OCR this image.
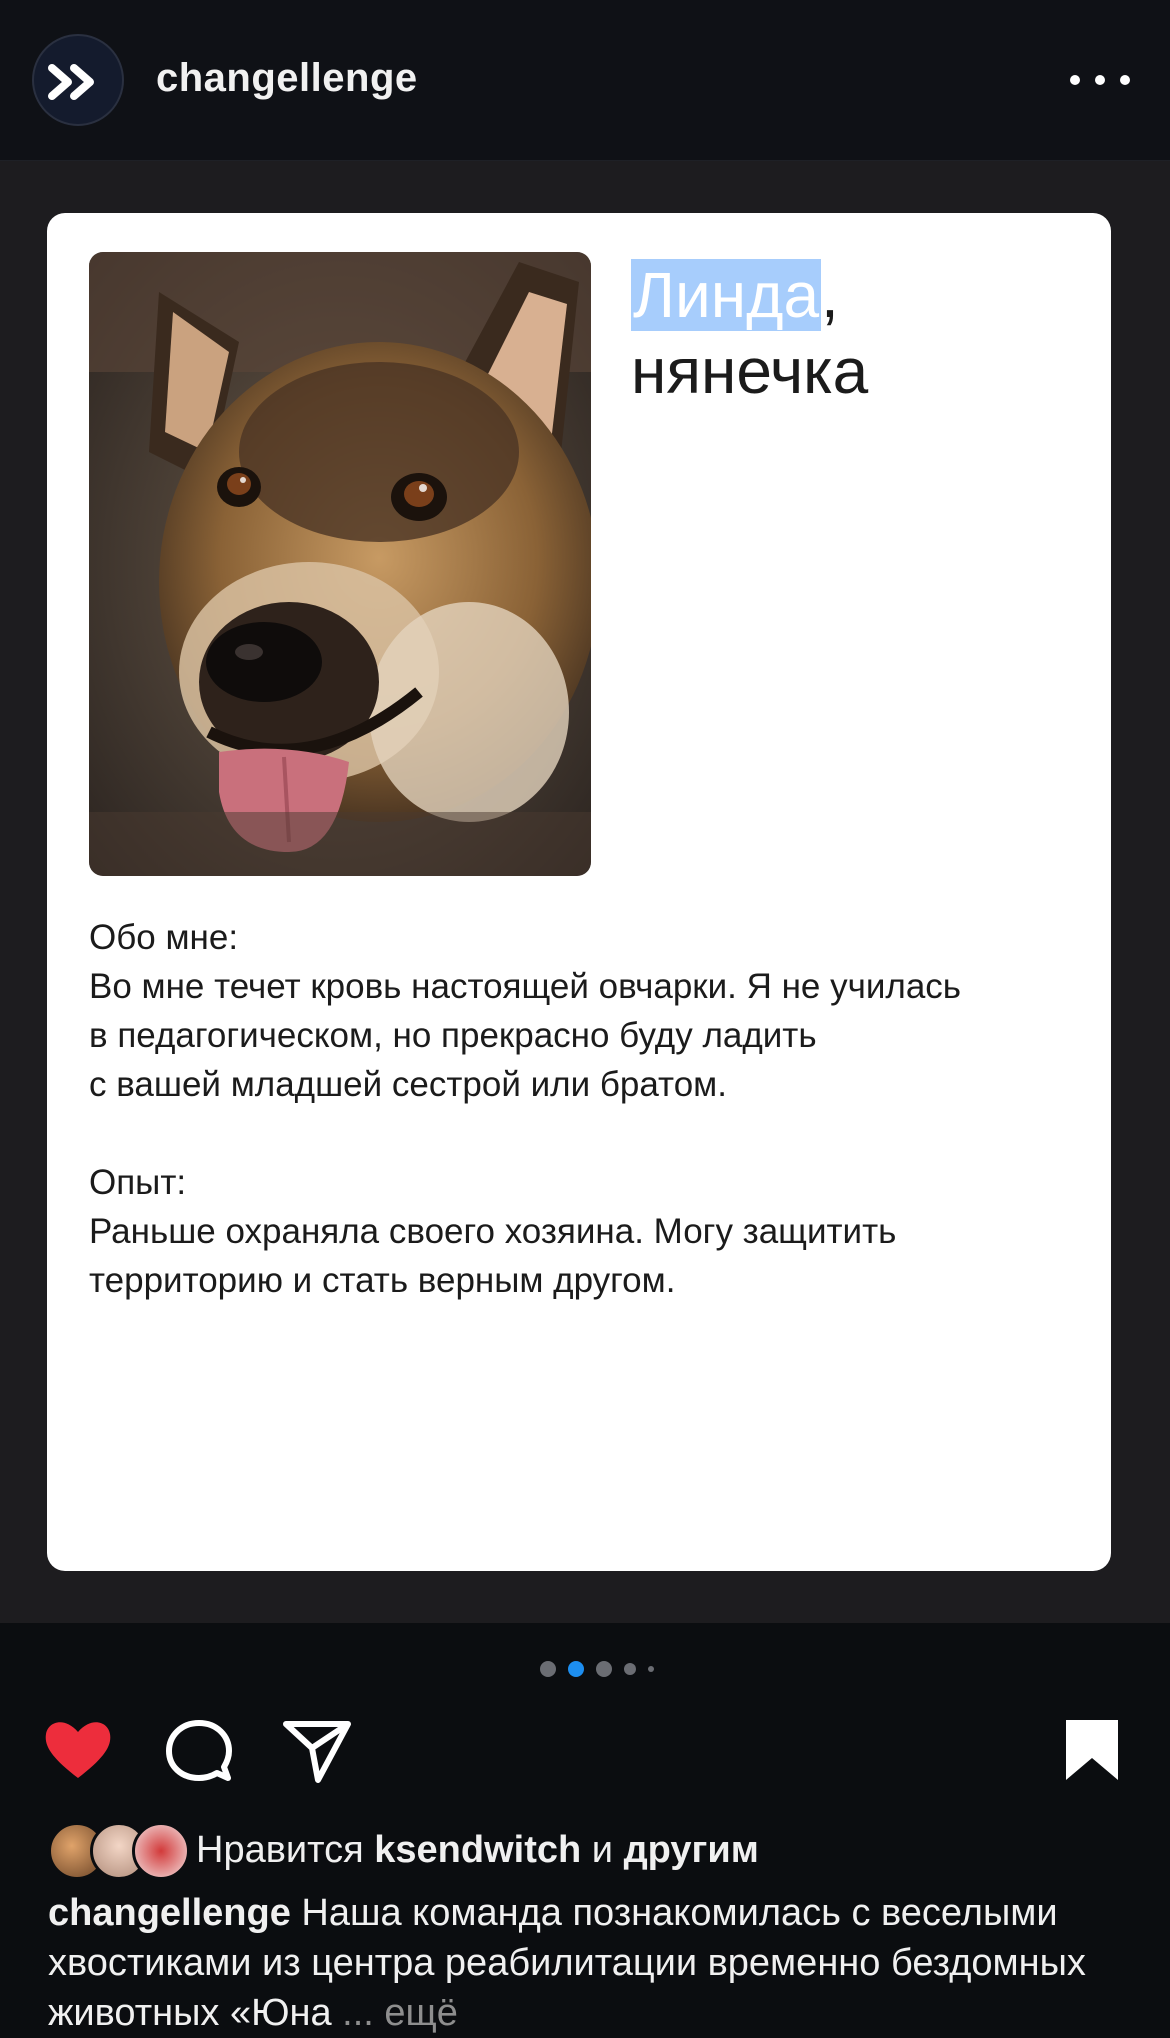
changellenge
Линда,
нянечка

Обо мне:

Во мне течет кровь настоящей овчарки. Я не училась
в педагогическом, но прекрасно буду ладить
с вашей младшей сестрой или братом.

Опыт:

Раньше охраняла своего хозяина. Могу защитить
территорию и стать верным другом.

Нравится ksendwitch и другим
changellenge Наша команда познакомилась с веселыми хвостиками из центра реабилитации временно бездомных животных «Юна ... ещё
